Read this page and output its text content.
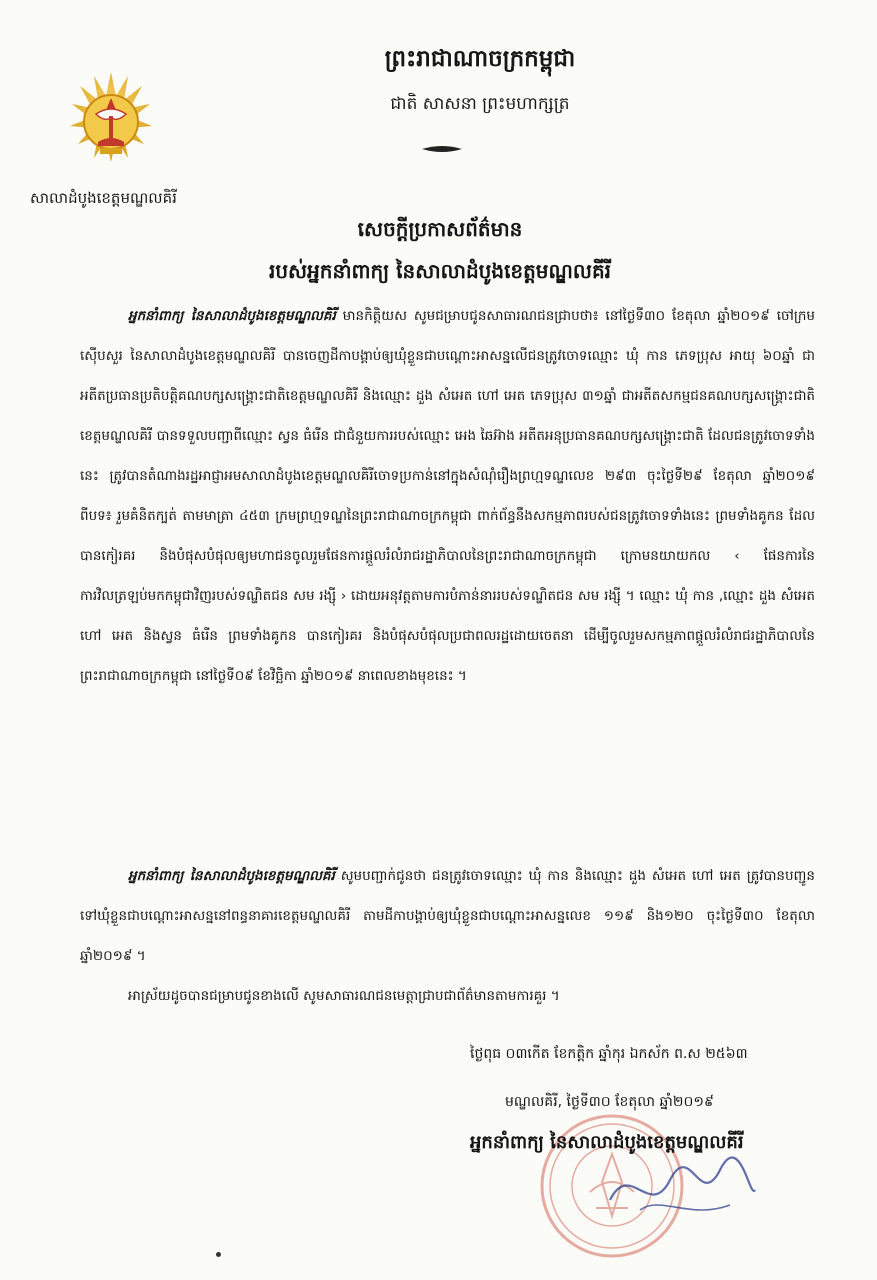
ព្រះរាជាណាចក្រកម្ពុជា
ជាតិ សាសនា ព្រះមហាក្សត្រ
សាលាដំបូងខេត្តមណ្ឌលគិរី
សេចក្តីប្រកាសព័ត៌មាន
របស់អ្នកនាំពាក្យ នៃសាលាដំបូងខេត្តមណ្ឌលគីរី

អ្នកនាំពាក្យ នៃសាលាដំបូងខេត្តមណ្ឌលគិរី មានកិត្តិយស សូមជម្រាបជូនសាធារណជនជ្រាបថា៖ នៅថ្ងៃទី៣០ ខែតុលា ឆ្នាំ២០១៩ ចៅក្រមស៊ើបសួរ នៃសាលាដំបូងខេត្តមណ្ឌលគិរី បានចេញដីកាបង្គាប់ឲ្យឃុំខ្លួនជាបណ្តោះអាសន្នលើជនត្រូវចោទឈ្មោះ ឃុំ កាន ភេទប្រុស អាយុ ៦០ឆ្នាំ ជាអតីតប្រធានប្រតិបត្តិគណបក្សសង្គ្រោះជាតិខេត្តមណ្ឌលគិរី និងឈ្មោះ ដួង សំអេត ហៅ អេត ភេទប្រុស ៣១ឆ្នាំ ជាអតីតសកម្មជនគណបក្សសង្គ្រោះជាតិខេត្តមណ្ឌលគិរី បានទទួលបញ្ជាពីឈ្មោះ ស្វន ធំរើន ជាជំនួយការរបស់ឈ្មោះ អេង ឆៃអ៊ាង អតីតអនុប្រធានគណបក្សសង្គ្រោះជាតិ ដែលជនត្រូវចោទទាំងនេះ ត្រូវបានតំណាងរដ្ឋអាជ្ញាអមសាលាដំបូងខេត្តមណ្ឌលគិរីចោទប្រកាន់នៅក្នុងសំណុំរឿងព្រហ្មទណ្ឌលេខ ២៩៣ ចុះថ្ងៃទី២៩ ខែតុលា ឆ្នាំ២០១៩ ពីបទ៖ រួមគំនិតក្បត់ តាមមាត្រា ៤៥៣ ក្រមព្រហ្មទណ្ឌនៃព្រះរាជាណាចក្រកម្ពុជា ពាក់ព័ន្ធនឹងសកម្មភាពរបស់ជនត្រូវចោទទាំងនេះ ព្រមទាំងគូកន ដែលបានកៀរគរ និងបំផុសបំផុលឲ្យមហាជនចូលរួមផែនការផ្តួលរំលំរាជរដ្ឋាភិបាលនៃព្រះរាជាណាចក្រកម្ពុជា ក្រោមនយាយកល ‹ ផែនការនៃការវិលត្រឡប់មកកម្ពុជាវិញរបស់ទណ្ឌិតជន សម រង្ស៊ី › ដោយអនុវត្តតាមការបំភាន់នាររបស់ទណ្ឌិតជន សម រង្ស៊ី ។ ឈ្មោះ ឃុំ កាន ,ឈ្មោះ ដួង សំអេត ហៅ អេត និងស្វន ធំរើន ព្រមទាំងគូកន បានកៀរគរ និងបំផុសបំផុលប្រជាពលរដ្ឋដោយចេតនា ដើម្បីចូលរួមសកម្មភាពផ្តួលរំលំរាជរដ្ឋាភិបាលនៃព្រះរាជាណាចក្រកម្ពុជា នៅថ្ងៃទី០៩ ខែវិច្ឆិកា ឆ្នាំ២០១៩ នាពេលខាងមុខនេះ ។

អ្នកនាំពាក្យ នៃសាលាដំបូងខេត្តមណ្ឌលគិរី សូមបញ្ជាក់ជូនថា ជនត្រូវចោទឈ្មោះ ឃុំ កាន និងឈ្មោះ ដួង សំអេត ហៅ អេត ត្រូវបានបញ្ជូនទៅឃុំខ្លួនជាបណ្តោះអាសន្ននៅពន្ធនាគារខេត្តមណ្ឌលគិរី តាមដីកាបង្គាប់ឲ្យឃុំខ្លួនជាបណ្តោះអាសន្នលេខ ១១៩ និង១២០ ចុះថ្ងៃទី៣០ ខែតុលា ឆ្នាំ២០១៩ ។

អាស្រ័យដូចបានជម្រាបជូនខាងលើ សូមសាធារណជនមេត្តាជ្រាបជាព័ត៌មានតាមការគួរ ។

ថ្ងៃពុធ ០៣កើត ខែកត្តិក ឆ្នាំកុរ ឯកស័ក ព.ស ២៥៦៣
មណ្ឌលគិរី, ថ្ងៃទី៣០ ខែតុលា ឆ្នាំ២០១៩
អ្នកនាំពាក្យ នៃសាលាដំបូងខេត្តមណ្ឌលគីរី
